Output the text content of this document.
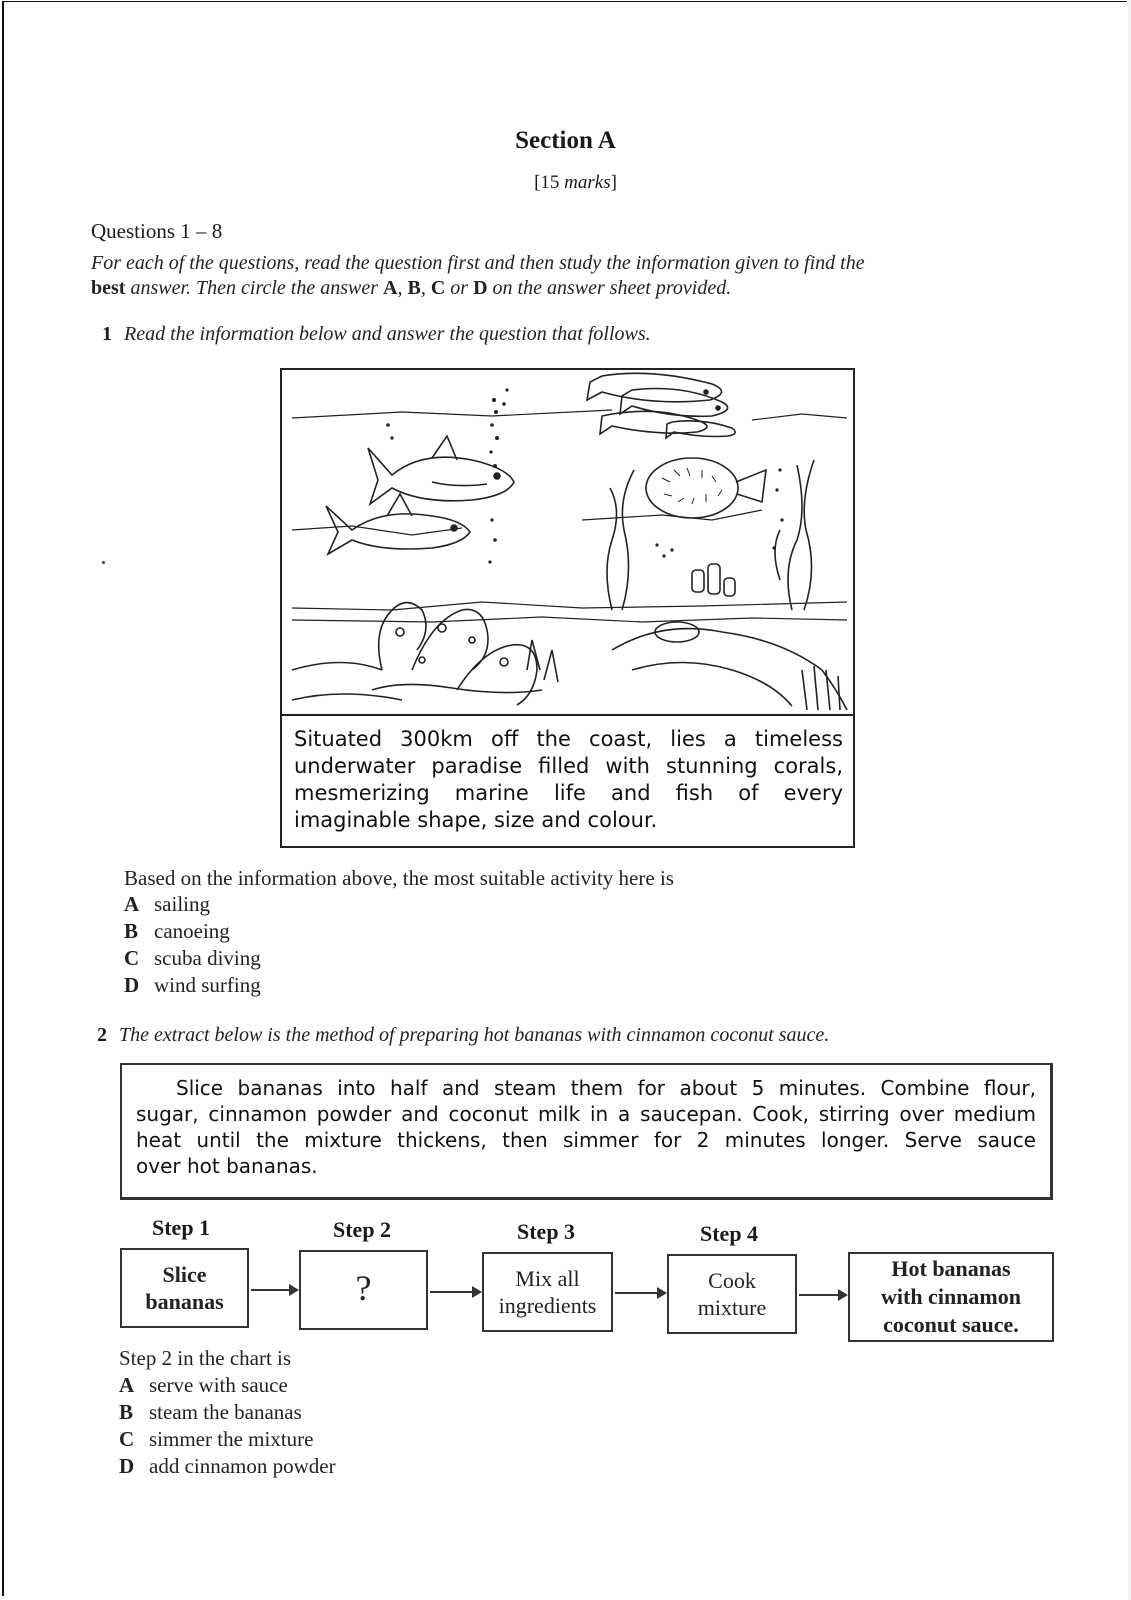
Section A
[15 marks]
Questions 1 – 8
For each of the questions, read the question first and then study the information given to find the
best answer. Then circle the answer A, B, C or D on the answer sheet provided.
1 Read the information below and answer the question that follows.
Situated 300km off the coast, lies a timeless
underwater paradise filled with stunning corals,
mesmerizing marine life and fish of every
imaginable shape, size and colour.
Based on the information above, the most suitable activity here is
A sailing
B canoeing
C scuba diving
D wind surfing
2 The extract below is the method of preparing hot bananas with cinnamon coconut sauce.
Slice bananas into half and steam them for about 5 minutes. Combine flour,
sugar, cinnamon powder and coconut milk in a saucepan. Cook, stirring over medium
heat until the mixture thickens, then simmer for 2 minutes longer. Serve sauce
over hot bananas.
Step 1	Step 2	Step 3	Step 4
Slice
bananas	?	Mix all
ingredients
Cook
mixture
Hot bananas
with cinnamon
coconut sauce.
Step 2 in the chart is
A serve with sauce
B steam the bananas
C simmer the mixture
D add cinnamon powder
